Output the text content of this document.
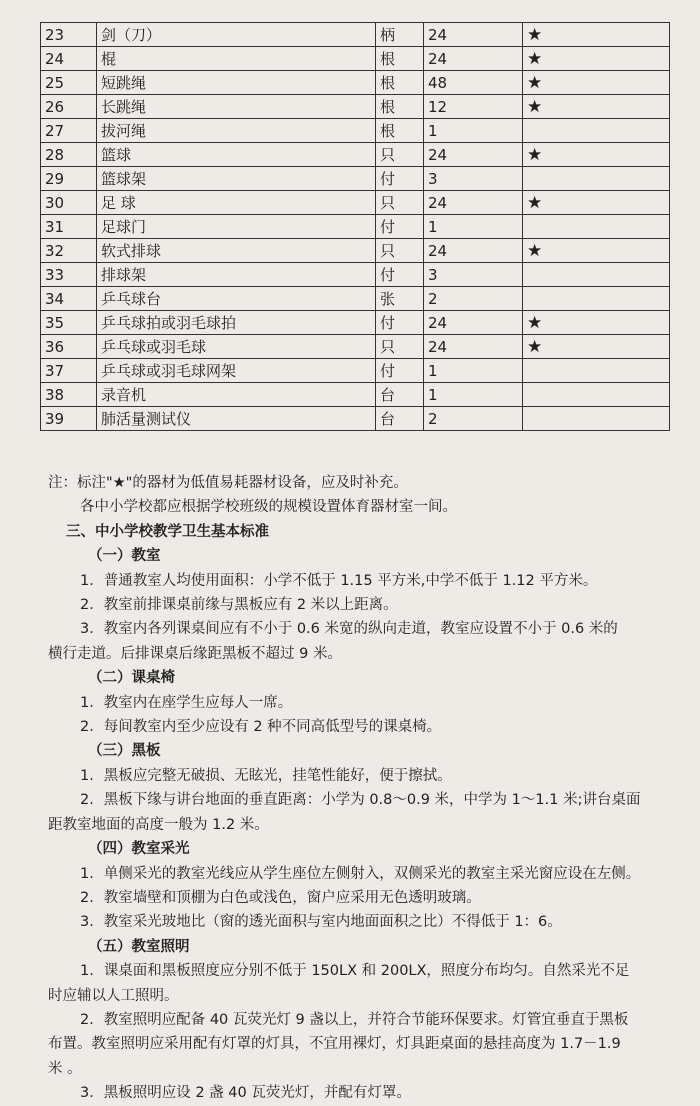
23	剑（刀）	柄	24	★
24	棍	根	24	★
25	短跳绳	根	48	★
26	长跳绳	根	12	★
27	拔河绳	根	1	
28	篮球	只	24	★
29	篮球架	付	3	
30	足 球	只	24	★
31	足球门	付	1	
32	软式排球	只	24	★
33	排球架	付	3	
34	乒乓球台	张	2	
35	乒乓球拍或羽毛球拍	付	24	★
36	乒乓球或羽毛球	只	24	★
37	乒乓球或羽毛球网架	付	1	
38	录音机	台	1	
39	肺活量测试仪	台	2	

注：标注"★"的器材为低值易耗器材设备，应及时补充。

各中小学校都应根据学校班级的规模设置体育器材室一间。

三、中小学校教学卫生基本标准

（一）教室

1．普通教室人均使用面积：小学不低于 1.15 平方米,中学不低于 1.12 平方米。

2．教室前排课桌前缘与黑板应有 2 米以上距离。

3．教室内各列课桌间应有不小于 0.6 米宽的纵向走道，教室应设置不小于 0.6 米的

横行走道。后排课桌后缘距黑板不超过 9 米。

（二）课桌椅

1．教室内在座学生应每人一席。

2．每间教室内至少应设有 2 种不同高低型号的课桌椅。

（三）黑板

1．黑板应完整无破损、无眩光，挂笔性能好，便于擦拭。

2．黑板下缘与讲台地面的垂直距离：小学为 0.8～0.9 米，中学为 1～1.1 米;讲台桌面

距教室地面的高度一般为 1.2 米。

（四）教室采光

1．单侧采光的教室光线应从学生座位左侧射入，双侧采光的教室主采光窗应设在左侧。

2．教室墙壁和顶棚为白色或浅色，窗户应采用无色透明玻璃。

3．教室采光玻地比（窗的透光面积与室内地面面积之比）不得低于 1：6。

（五）教室照明

1．课桌面和黑板照度应分别不低于 150LX 和 200LX，照度分布均匀。自然采光不足

时应辅以人工照明。

2．教室照明应配备 40 瓦荧光灯 9 盏以上，并符合节能环保要求。灯管宜垂直于黑板

布置。教室照明应采用配有灯罩的灯具，不宜用裸灯，灯具距桌面的悬挂高度为 1.7－1.9

米 。

3．黑板照明应设 2 盏 40 瓦荧光灯，并配有灯罩。
